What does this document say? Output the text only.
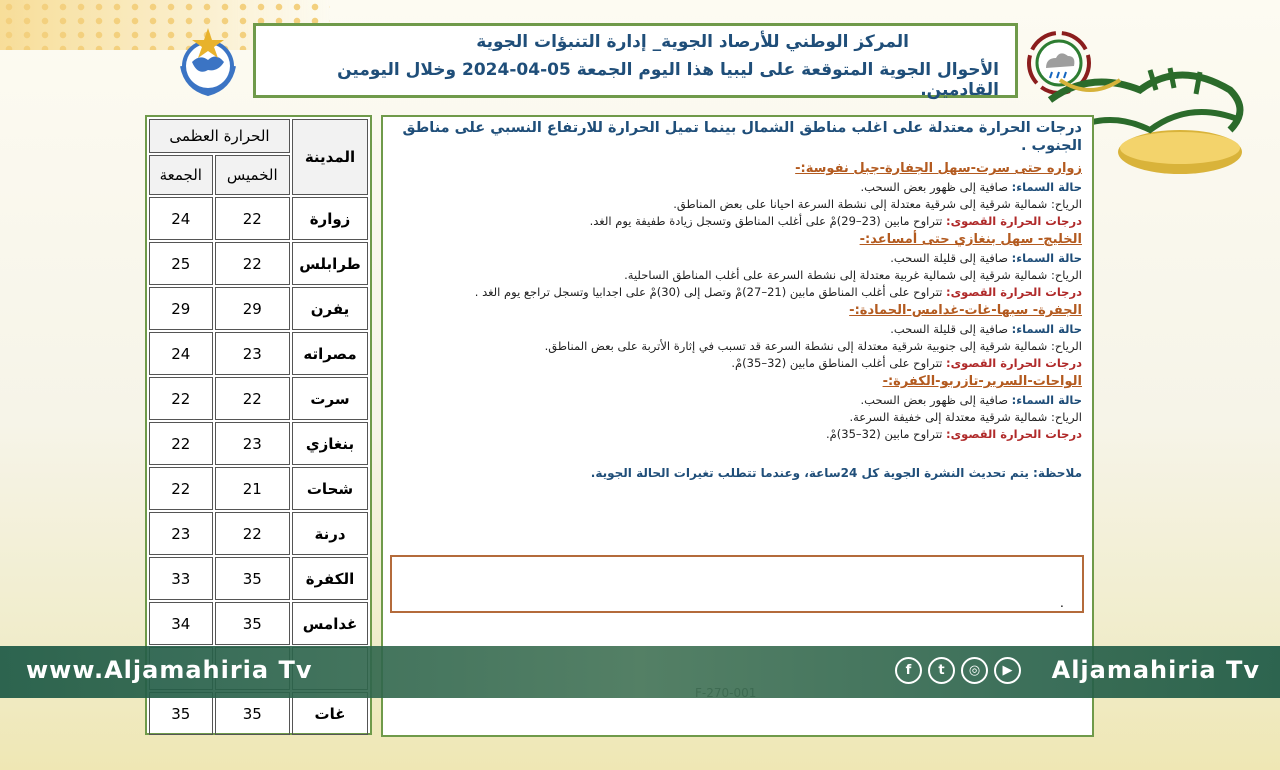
المركز الوطني للأرصاد الجوية_ إدارة التنبؤات الجوية
الأحوال الجوية المتوقعة على ليبيا هذا اليوم الجمعة 05-04-2024 وخلال اليومين القادمين.
المدينة	الحرارة العظمى	
	الخميس	الجمعة
زوارة	22	24
طرابلس	22	25
يفرن	29	29
مصراته	23	24
سرت	22	22
بنغازي	23	22
شحات	21	22
درنة	22	23
الكفرة	35	33
غدامس	35	34

غات	35	35
درجات الحرارة معتدلة على اغلب مناطق الشمال بينما تميل الحرارة للارتفاع النسبي على مناطق الجنوب .
زواره حتى سرت-سهل الجفارة-جبل نفوسة:-
حالة السماء: صافية إلى ظهور بعض السحب.
الرياح: شمالية شرقية إلى شرقية معتدلة إلى نشطة السرعة احيانا على بعض المناطق.
درجات الحرارة القصوى: تتراوح مابين (23–29)مْ على أغلب المناطق وتسجل زيادة طفيفة يوم الغد.
الخليج- سهل بنغازي حتى أمساعد:-
حالة السماء: صافية إلى قليلة السحب.
الرياح: شمالية شرقية إلى شمالية غربية معتدلة إلى نشطة السرعة على أغلب المناطق الساحلية.
درجات الحرارة القصوى: تتراوح على أغلب المناطق مابين (21–27)مْ وتصل إلى (30)مْ على اجدابيا وتسجل تراجع يوم الغد .
الجفرة- سبها-غات-غدامس-الحمادة:-
حالة السماء: صافية إلى قليلة السحب.
الرياح: شمالية شرقية إلى جنوبية شرقية معتدلة إلى نشطة السرعة قد تسبب في إثارة الأتربة على بعض المناطق.
درجات الحرارة القصوى: تتراوح على أغلب المناطق مابين (32–35)مْ.
الواحات-السرير-تازربو-الكفرة:-
حالة السماء: صافية إلى ظهور بعض السحب.
الرياح: شمالية شرقية معتدلة إلى خفيفة السرعة.
درجات الحرارة القصوى: تتراوح مابين (32–35)مْ.
ملاحظة: يتم تحديث النشرة الجوية كل 24ساعة، وعندما تتطلب تغيرات الحالة الجوية.
.
www.Aljamahiria Tv	f	t	◎	▶	Aljamahiria Tv
